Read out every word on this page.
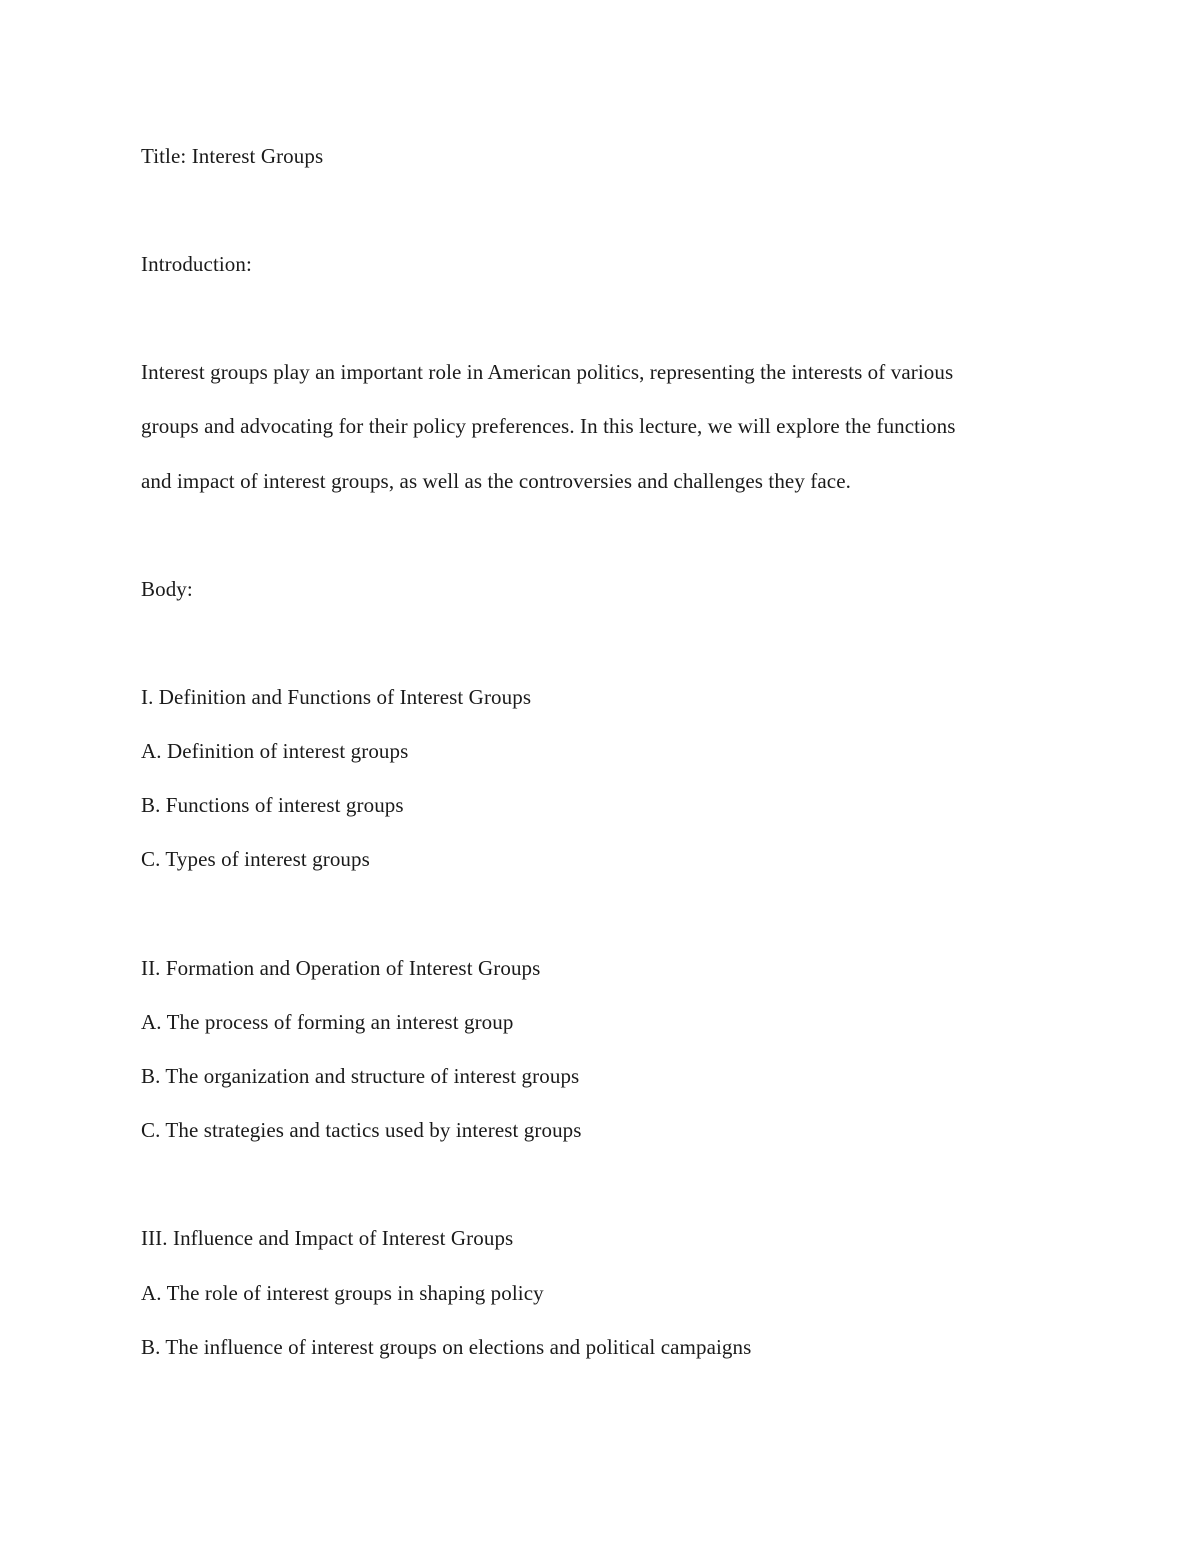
Title: Interest Groups
Introduction:
Interest groups play an important role in American politics, representing the interests of various
groups and advocating for their policy preferences. In this lecture, we will explore the functions
and impact of interest groups, as well as the controversies and challenges they face.
Body:
I. Definition and Functions of Interest Groups
A. Definition of interest groups
B. Functions of interest groups
C. Types of interest groups
II. Formation and Operation of Interest Groups
A. The process of forming an interest group
B. The organization and structure of interest groups
C. The strategies and tactics used by interest groups
III. Influence and Impact of Interest Groups
A. The role of interest groups in shaping policy
B. The influence of interest groups on elections and political campaigns
